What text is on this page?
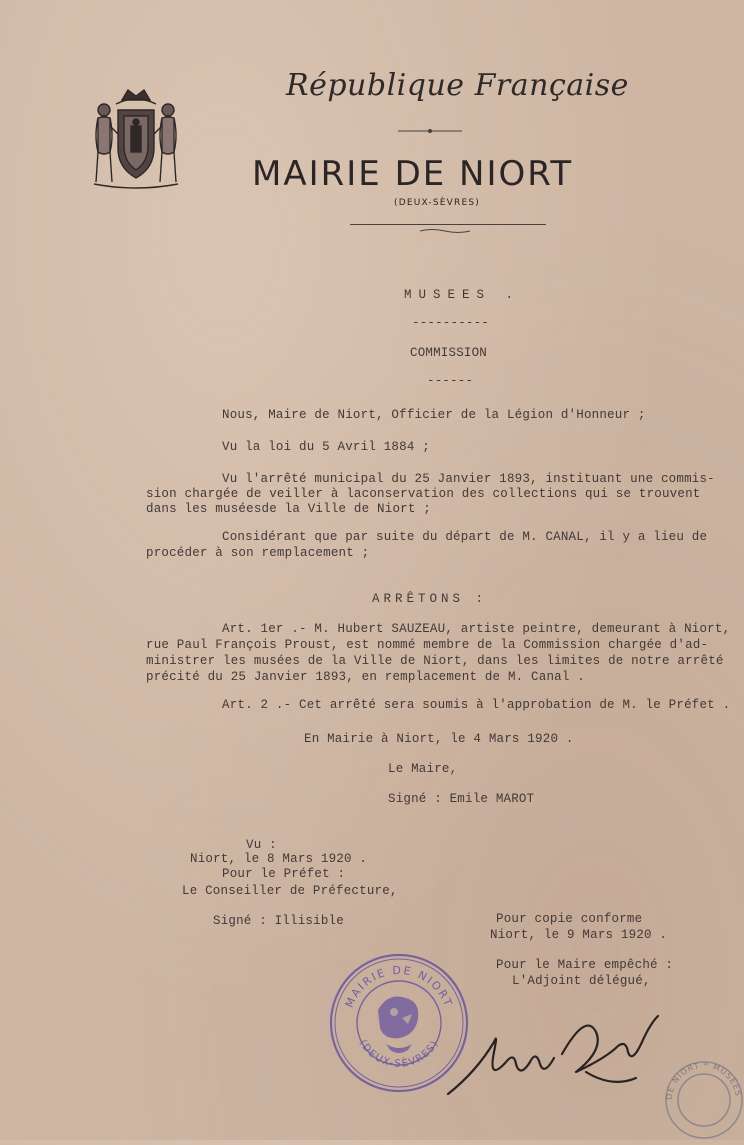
République Française
MAIRIE DE NIORT
(DEUX-SÈVRES)
MUSEES .
----------
COMMISSION
------
Nous, Maire de Niort, Officier de la Légion d'Honneur ;
Vu la loi du 5 Avril 1884 ;
Vu l'arrêté municipal du 25 Janvier 1893, instituant une commis-
sion chargée de veiller à laconservation des collections qui se trouvent
dans les muséesde la Ville de Niort ;
Considérant que par suite du départ de M. CANAL, il y a lieu de
procéder à son remplacement ;
ARRÊTONS :
Art. 1er .- M. Hubert SAUZEAU, artiste peintre, demeurant à Niort,
rue Paul François Proust, est nommé membre de la Commission chargée d'ad-
ministrer les musées de la Ville de Niort, dans les limites de notre arrêté
précité du 25 Janvier 1893, en remplacement de M. Canal .
Art. 2 .- Cet arrêté sera soumis à l'approbation de M. le Préfet .
En Mairie à Niort, le 4 Mars 1920 .
Le Maire,
Signé : Emile MAROT
Vu :
Niort, le 8 Mars 1920 .
Pour le Préfet :
Le Conseiller de Préfecture,
Signé : Illisible	Pour copie conforme
Niort, le 9 Mars 1920 .
Pour le Maire empêché :
L'Adjoint délégué,
MAIRIE DE NIORT
(DEUX-SÈVRES)
DE NIORT * MUSÉES
